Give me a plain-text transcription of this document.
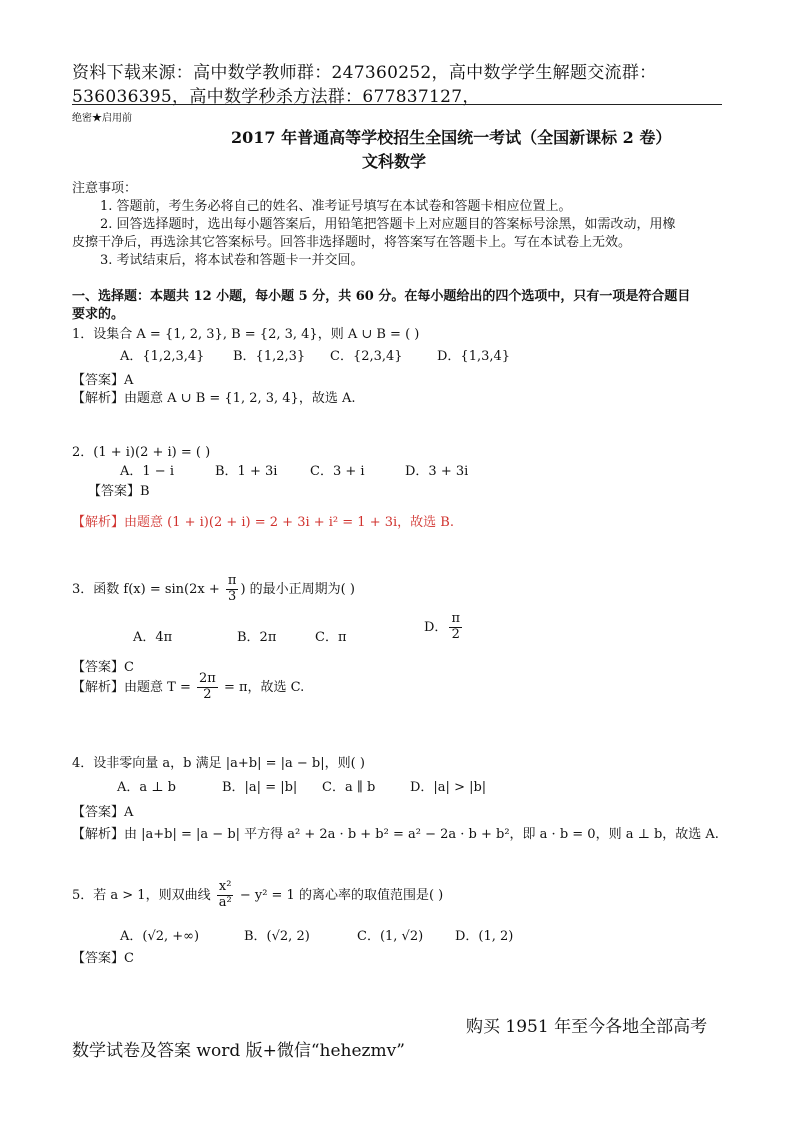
资料下载来源：高中数学教师群：247360252，高中数学学生解题交流群：
536036395，高中数学秒杀方法群：677837127，
绝密★启用前
2017 年普通高等学校招生全国统一考试（全国新课标 2 卷）
文科数学
注意事项：
1. 答题前，考生务必将自己的姓名、准考证号填写在本试卷和答题卡相应位置上。
2. 回答选择题时，选出每小题答案后，用铅笔把答题卡上对应题目的答案标号涂黑，如需改动，用橡
皮擦干净后，再选涂其它答案标号。回答非选择题时，将答案写在答题卡上。写在本试卷上无效。
3. 考试结束后，将本试卷和答题卡一并交回。
一、选择题：本题共 12 小题，每小题 5 分，共 60 分。在每小题给出的四个选项中，只有一项是符合题目
要求的。
1．设集合 A = {1, 2, 3}, B = {2, 3, 4}，则 A ∪ B = ( )
A．{1,2,3,4} B．{1,2,3} C．{2,3,4}	D．{1,3,4}
【答案】A
【解析】由题意 A ∪ B = {1, 2, 3, 4}，故选 A.
2．(1 + i)(2 + i) = ( )
A．1 − i	B．1 + 3i	C．3 + i	D．3 + 3i
【答案】B
【解析】由题意 (1 + i)(2 + i) = 2 + 3i + i² = 1 + 3i，故选 B.
3．函数 $f(x) = \sin(2x + \frac{\pi}{3}$ ) 的最小正周期为( )
A．4π	B．2π	C．π
D． $\frac{\pi}{2}$
【答案】C
【解析】由题意 $T = \frac{2\pi}{2} = \pi$，故选 C.
4．设非零向量 a，b 满足 |a+b| = |a − b|，则( )
A．a ⊥ b	B．|a| = |b| C．a ∥ b	D．|a| > |b|
【答案】A
【解析】由 |a+b| = |a − b| 平方得 a² + 2a · b + b² = a² − 2a · b + b²，即 a · b = 0，则 a ⊥ b，故选 A.
5．若 a > 1，则双曲线 $\frac{\text{x²}}{\text{a²}} - y^2 = 1$ 的离心率的取值范围是( )
A．(√2, +∞)	B．(√2, 2)	C．(1, √2) D．(1, 2)
【答案】C
购买 1951 年至今各地全部高考
数学试卷及答案 word 版+微信“hehezmv”
